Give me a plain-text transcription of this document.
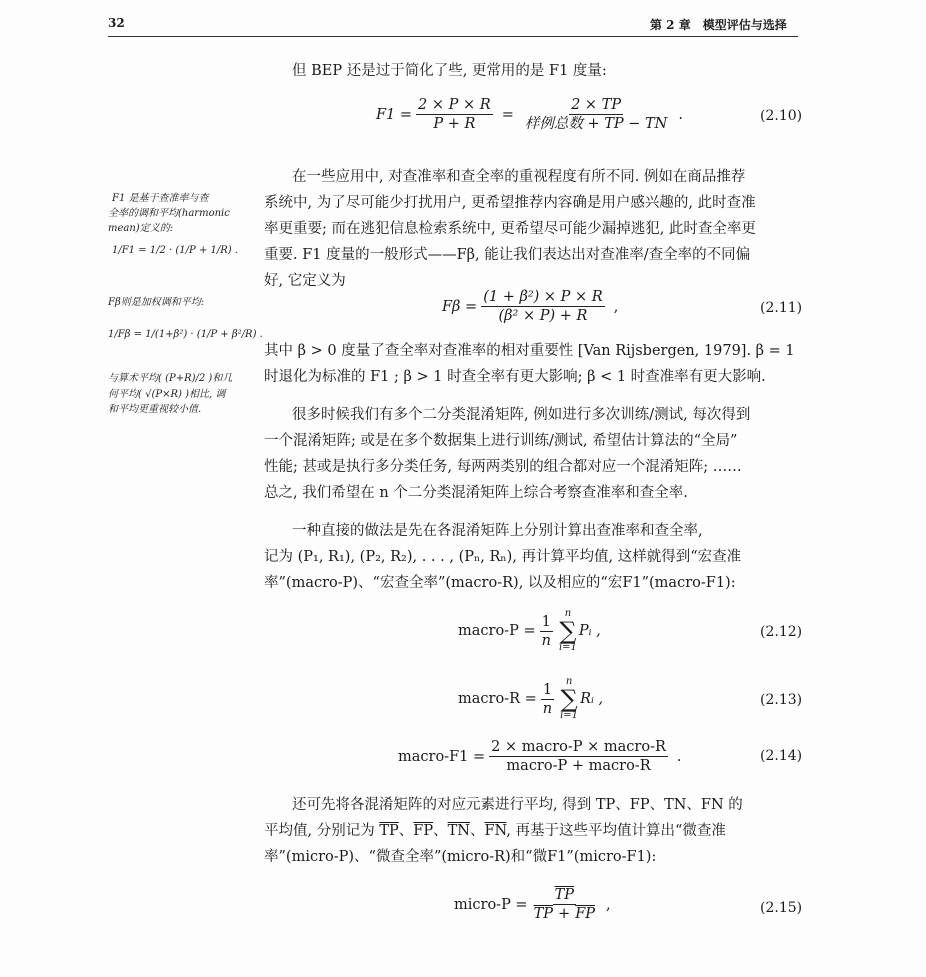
32	第 2 章　模型评估与选择
F1 是基于查准率与查
全率的调和平均(harmonic
mean)定义的:
1/F1 = 1/2 · (1/P + 1/R) .
Fβ则是加权调和平均:
1/Fβ = 1/(1+β²) · (1/P + β²/R) .
与算术平均( (P+R)/2 )和几
何平均( √(P×R) )相比, 调
和平均更重视较小值.
但 BEP 还是过于简化了些, 更常用的是 F1 度量:
$F1 = \frac{2 \times P \times R}{P + R} = \frac{2 \times TP}{\text{样例总数 + TP − TN}}$ .	(2.10)
在一些应用中, 对查准率和查全率的重视程度有所不同. 例如在商品推荐
系统中, 为了尽可能少打扰用户, 更希望推荐内容确是用户感兴趣的, 此时查准
率更重要; 而在逃犯信息检索系统中, 更希望尽可能少漏掉逃犯, 此时查全率更
重要. F1 度量的一般形式——Fβ, 能让我们表达出对查准率/查全率的不同偏
好, 它定义为
$F\beta = \frac{\text{(1 + β²) × P × R}}{\text{(β² × P) + R}}$ ,	(2.11)
其中 β > 0 度量了查全率对查准率的相对重要性 [Van Rijsbergen, 1979]. β = 1
时退化为标准的 F1 ; β > 1 时查全率有更大影响; β < 1 时查准率有更大影响.
很多时候我们有多个二分类混淆矩阵, 例如进行多次训练/测试, 每次得到
一个混淆矩阵; 或是在多个数据集上进行训练/测试, 希望估计算法的“全局”
性能; 甚或是执行多分类任务, 每两两类别的组合都对应一个混淆矩阵; ……
总之, 我们希望在 n 个二分类混淆矩阵上综合考察查准率和查全率.
一种直接的做法是先在各混淆矩阵上分别计算出查准率和查全率,
记为 (P₁, R₁), (P₂, R₂), . . . , (Pₙ, Rₙ), 再计算平均值, 这样就得到“宏查准
率”(macro-P)、“宏查全率”(macro-R), 以及相应的“宏F1”(macro-F1):
macro-P = $\frac{1}{n}$ n
∑
i=1
Pᵢ ,	(2.12)
macro-R = $\frac{1}{n}$ n
∑
i=1
Rᵢ ,	(2.13)
macro-F1 = $\frac{\text{2 × macro-P × macro-R}}{\text{macro-P + macro-R}}$ .	(2.14)
还可先将各混淆矩阵的对应元素进行平均, 得到 TP、FP、TN、FN 的
平均值, 分别记为 $\overline{TP}$、$\overline{FP}$、$\overline{TN}$、$\overline{FN}$, 再基于这些平均值计算出“微查准
率”(micro-P)、“微查全率”(micro-R)和“微F1”(micro-F1):
micro-P = $\frac{\overline{TP}}{\overline{TP} + \overline{FP}}$ ,	(2.15)
